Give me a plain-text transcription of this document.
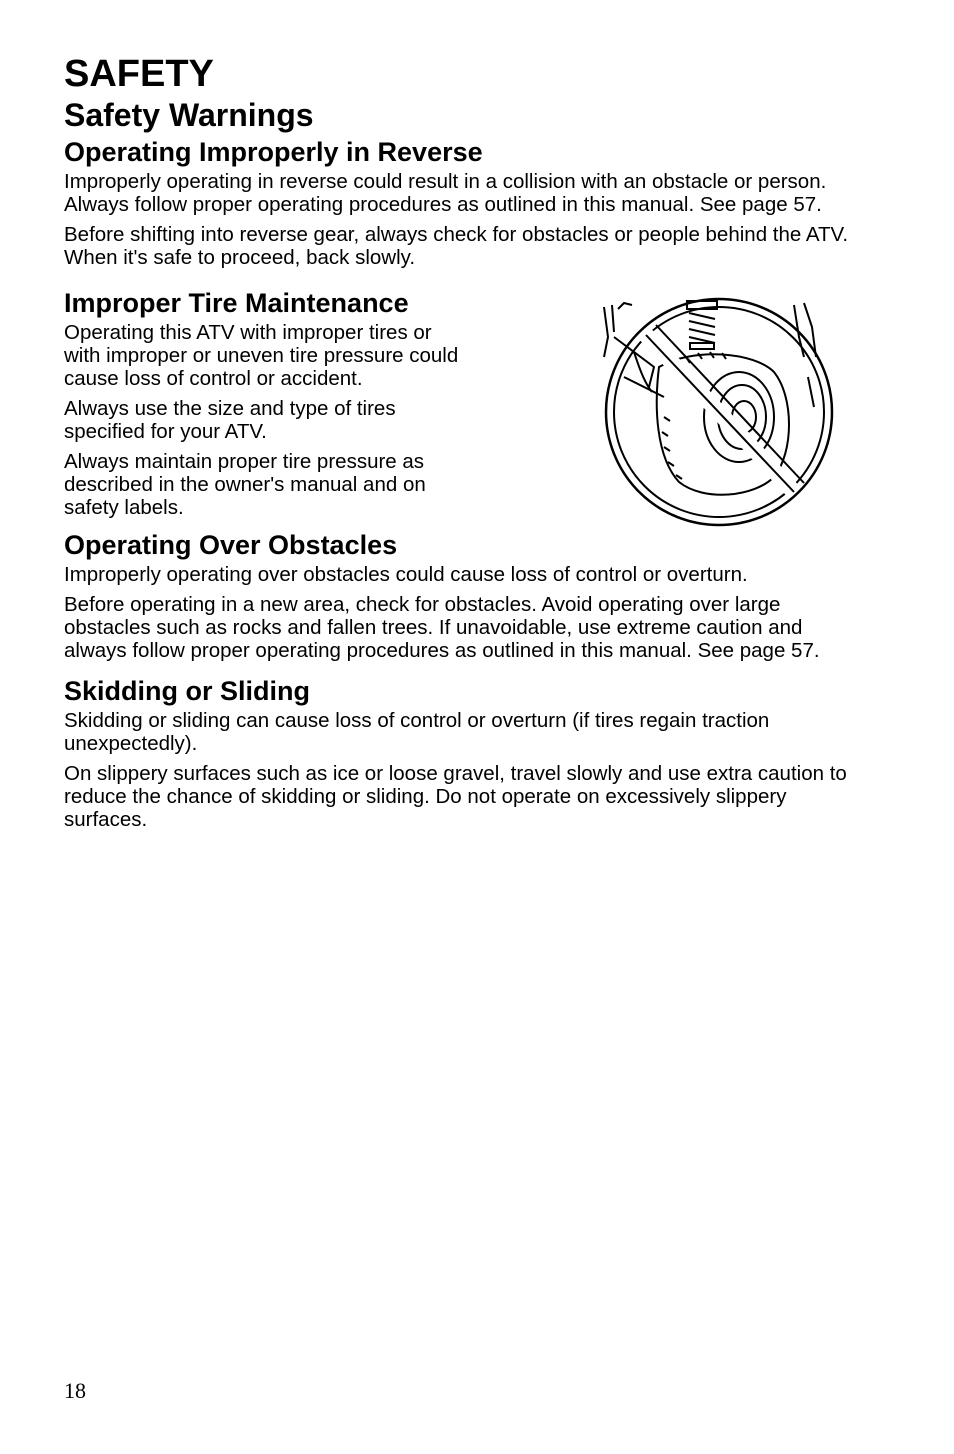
SAFETY
Safety Warnings
Operating Improperly in Reverse

Improperly operating in reverse could result in a collision with an obstacle or person. Always follow proper operating procedures as outlined in this manual. See page 57.

Before shifting into reverse gear, always check for obstacles or people behind the ATV. When it's safe to proceed, back slowly.

Improper Tire Maintenance

Operating this ATV with improper tires or with improper or uneven tire pressure could cause loss of control or accident.

Always use the size and type of tires specified for your ATV.

Always maintain proper tire pressure as described in the owner's manual and on safety labels.

Operating Over Obstacles

Improperly operating over obstacles could cause loss of control or overturn.

Before operating in a new area, check for obstacles. Avoid operating over large obstacles such as rocks and fallen trees. If unavoidable, use extreme caution and always follow proper operating procedures as outlined in this manual. See page 57.

Skidding or Sliding

Skidding or sliding can cause loss of control or overturn (if tires regain traction unexpectedly).

On slippery surfaces such as ice or loose gravel, travel slowly and use extra caution to reduce the chance of skidding or sliding. Do not operate on excessively slippery surfaces.

18
